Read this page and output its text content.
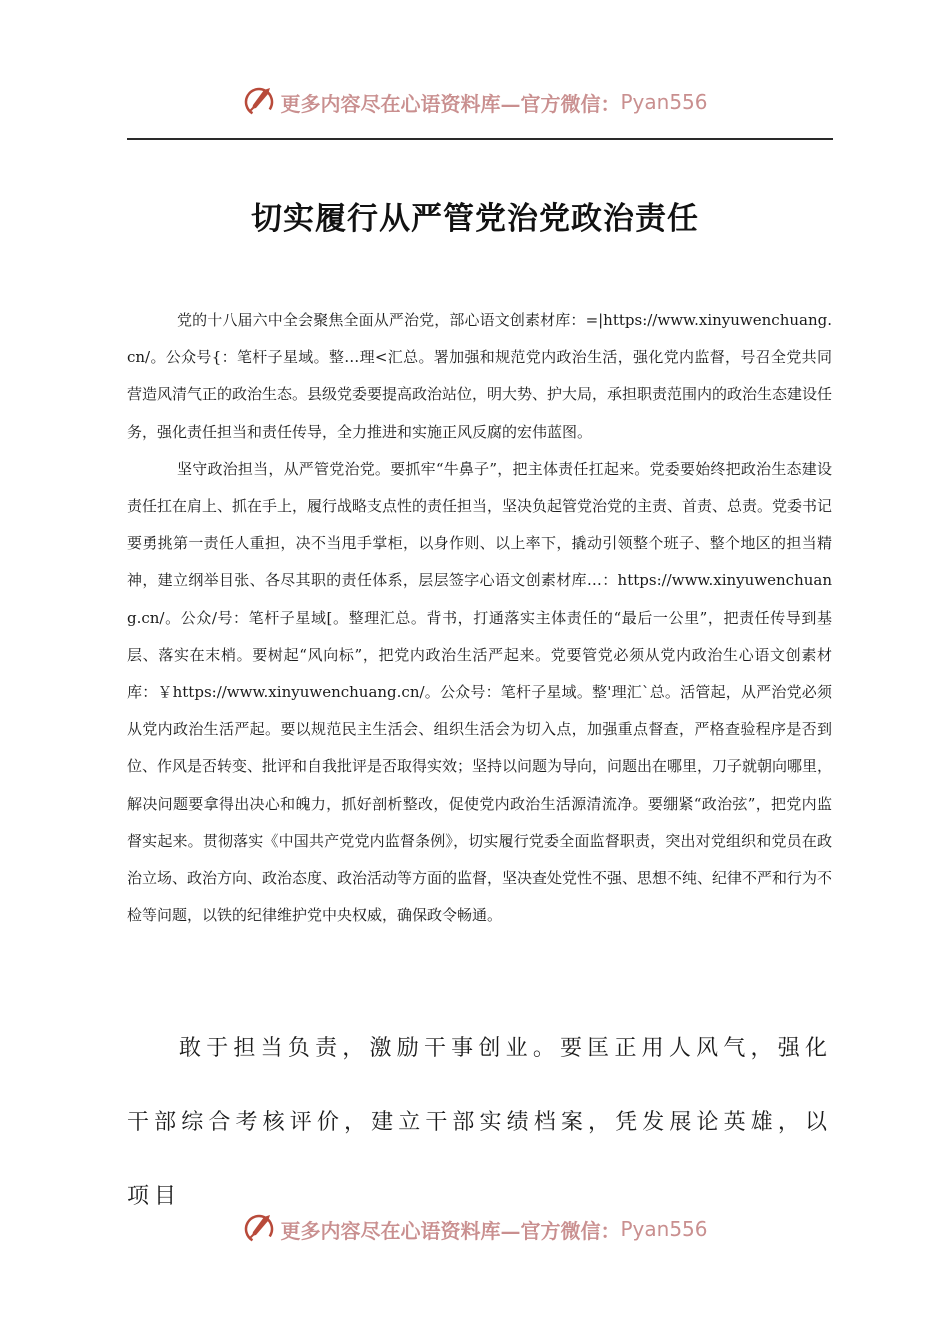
更多内容尽在心语资料库—官方微信： Pyan556
切实履行从严管党治党政治责任

党的十八届六中全会聚焦全面从严治党，部心语文创素材库：=|https://www.xinyuwenchuang.cn/。公众号{：笔杆子星域。整…理<汇总。署加强和规范党内政治生活，强化党内监督，号召全党共同营造风清气正的政治生态。县级党委要提高政治站位，明大势、护大局，承担职责范围内的政治生态建设任务，强化责任担当和责任传导，全力推进和实施正风反腐的宏伟蓝图。

坚守政治担当，从严管党治党。要抓牢“牛鼻子”，把主体责任扛起来。党委要始终把政治生态建设责任扛在肩上、抓在手上，履行战略支点性的责任担当，坚决负起管党治党的主责、首责、总责。党委书记要勇挑第一责任人重担，决不当甩手掌柜，以身作则、以上率下，撬动引领整个班子、整个地区的担当精神，建立纲举目张、各尽其职的责任体系，层层签字心语文创素材库…：https://www.xinyuwenchuang.cn/。公众/号：笔杆子星域[。整理汇总。背书，打通落实主体责任的“最后一公里”，把责任传导到基层、落实在末梢。要树起“风向标”，把党内政治生活严起来。党要管党必须从党内政治生心语文创素材库：￥https://www.xinyuwenchuang.cn/。公众号：笔杆子星域。整'理汇`总。活管起，从严治党必须从党内政治生活严起。要以规范民主生活会、组织生活会为切入点，加强重点督查，严格查验程序是否到位、作风是否转变、批评和自我批评是否取得实效；坚持以问题为导向，问题出在哪里，刀子就朝向哪里，解决问题要拿得出决心和魄力，抓好剖析整改，促使党内政治生活源清流净。要绷紧“政治弦”，把党内监督实起来。贯彻落实《中国共产党党内监督条例》，切实履行党委全面监督职责，突出对党组织和党员在政治立场、政治方向、政治态度、政治活动等方面的监督，坚决查处党性不强、思想不纯、纪律不严和行为不检等问题，以铁的纪律维护党中央权威，确保政令畅通。

敢于担当负责，激励干事创业。要匡正用人风气，强化干部综合考核评价，建立干部实绩档案，凭发展论英雄，以项目

更多内容尽在心语资料库—官方微信： Pyan556
